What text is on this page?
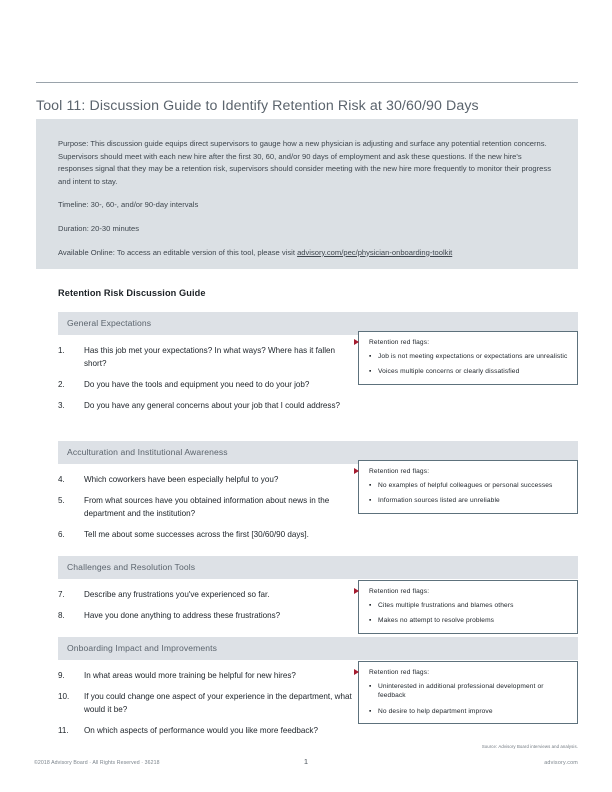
Tool 11: Discussion Guide to Identify Retention Risk at 30/60/90 Days

Purpose: This discussion guide equips direct supervisors to gauge how a new physician is adjusting and surface any potential retention concerns. Supervisors should meet with each new hire after the first 30, 60, and/or 90 days of employment and ask these questions. If the new hire's responses signal that they may be a retention risk, supervisors should consider meeting with the new hire more frequently to monitor their progress and intent to stay.

Timeline: 30-, 60-, and/or 90-day intervals

Duration: 20-30 minutes

Available Online: To access an editable version of this tool, please visit advisory.com/pec/physician-onboarding-toolkit

Retention Risk Discussion Guide
General Expectations
1.	Has this job met your expectations? In what ways? Where has it fallen short?
2.	Do you have the tools and equipment you need to do your job?
3.	Do you have any general concerns about your job that I could address?
Retention red flags:
▪ Job is not meeting expectations or expectations are unrealistic
▪ Voices multiple concerns or clearly dissatisfied
Acculturation and Institutional Awareness
4.	Which coworkers have been especially helpful to you?
5.	From what sources have you obtained information about news in the department and the institution?
6.	Tell me about some successes across the first [30/60/90 days].
Retention red flags:
▪ No examples of helpful colleagues or personal successes
▪ Information sources listed are unreliable
Challenges and Resolution Tools
7.	Describe any frustrations you've experienced so far.
8.	Have you done anything to address these frustrations?
Retention red flags:
▪ Cites multiple frustrations and blames others
▪ Makes no attempt to resolve problems
Onboarding Impact and Improvements
9.	In what areas would more training be helpful for new hires?
10.	If you could change one aspect of your experience in the department, what would it be?
11.	On which aspects of performance would you like more feedback?
Retention red flags:
▪ Uninterested in additional professional development or feedback
▪ No desire to help department improve
Source: Advisory Board interviews and analysis.
©2018 Advisory Board · All Rights Reserved · 36218	1	advisory.com
